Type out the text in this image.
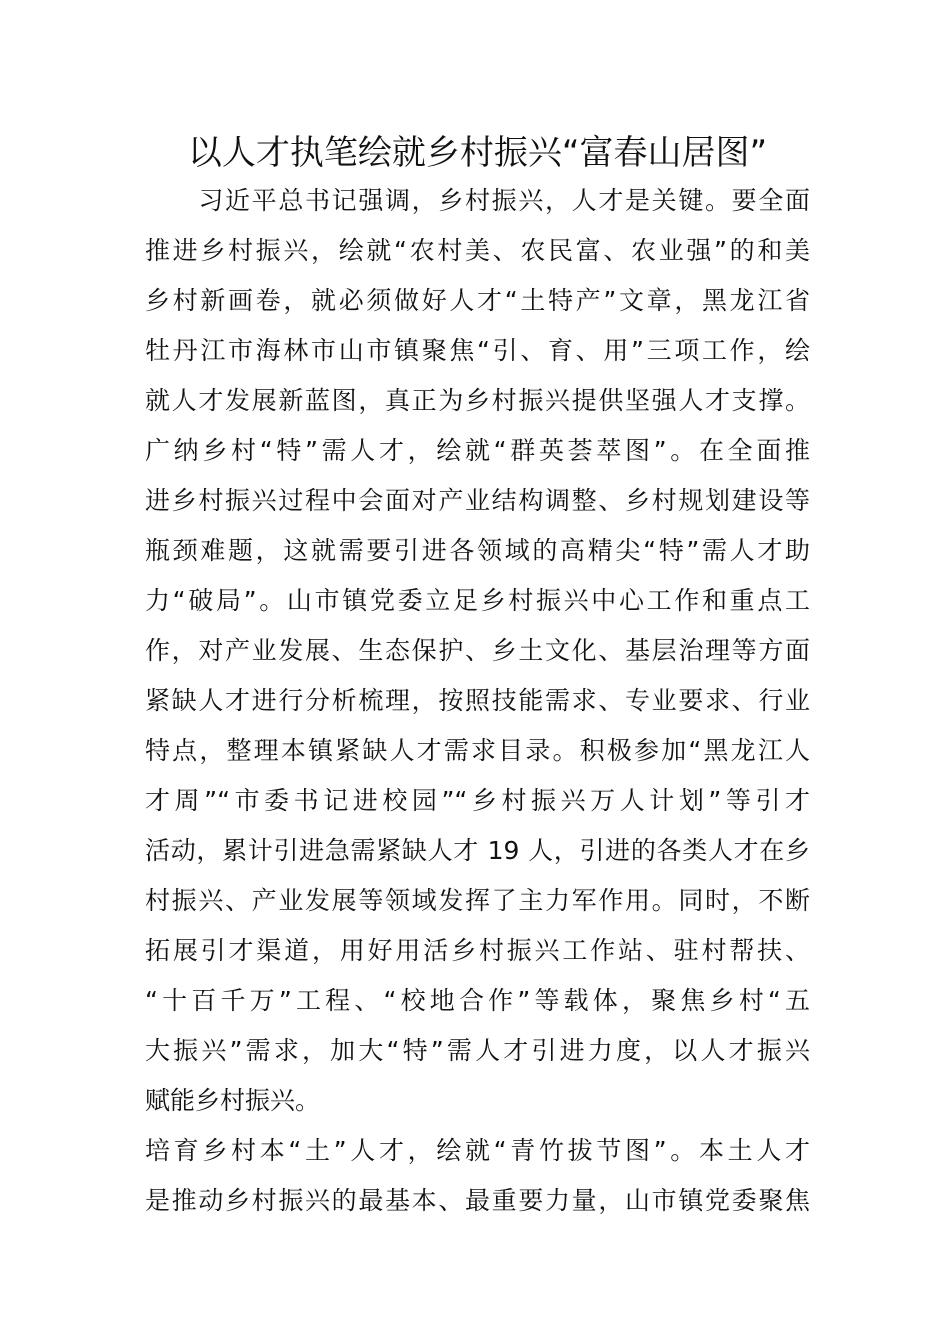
以人才执笔绘就乡村振兴“富春山居图”
　　习近平总书记强调，乡村振兴，人才是关键。要全面
推进乡村振兴，绘就“农村美、农民富、农业强”的和美
乡村新画卷，就必须做好人才“土特产”文章，黑龙江省
牡丹江市海林市山市镇聚焦“引、育、用”三项工作，绘
就人才发展新蓝图，真正为乡村振兴提供坚强人才支撑。
广纳乡村“特”需人才，绘就“群英荟萃图”。在全面推
进乡村振兴过程中会面对产业结构调整、乡村规划建设等
瓶颈难题，这就需要引进各领域的高精尖“特”需人才助
力“破局”。山市镇党委立足乡村振兴中心工作和重点工
作，对产业发展、生态保护、乡土文化、基层治理等方面
紧缺人才进行分析梳理，按照技能需求、专业要求、行业
特点，整理本镇紧缺人才需求目录。积极参加“黑龙江人
才周”“市委书记进校园”“乡村振兴万人计划”等引才
活动，累计引进急需紧缺人才 19 人，引进的各类人才在乡
村振兴、产业发展等领域发挥了主力军作用。同时，不断
拓展引才渠道，用好用活乡村振兴工作站、驻村帮扶、
“十百千万”工程、“校地合作”等载体，聚焦乡村“五
大振兴”需求，加大“特”需人才引进力度，以人才振兴
赋能乡村振兴。
培育乡村本“土”人才，绘就“青竹拔节图”。本土人才
是推动乡村振兴的最基本、最重要力量，山市镇党委聚焦
